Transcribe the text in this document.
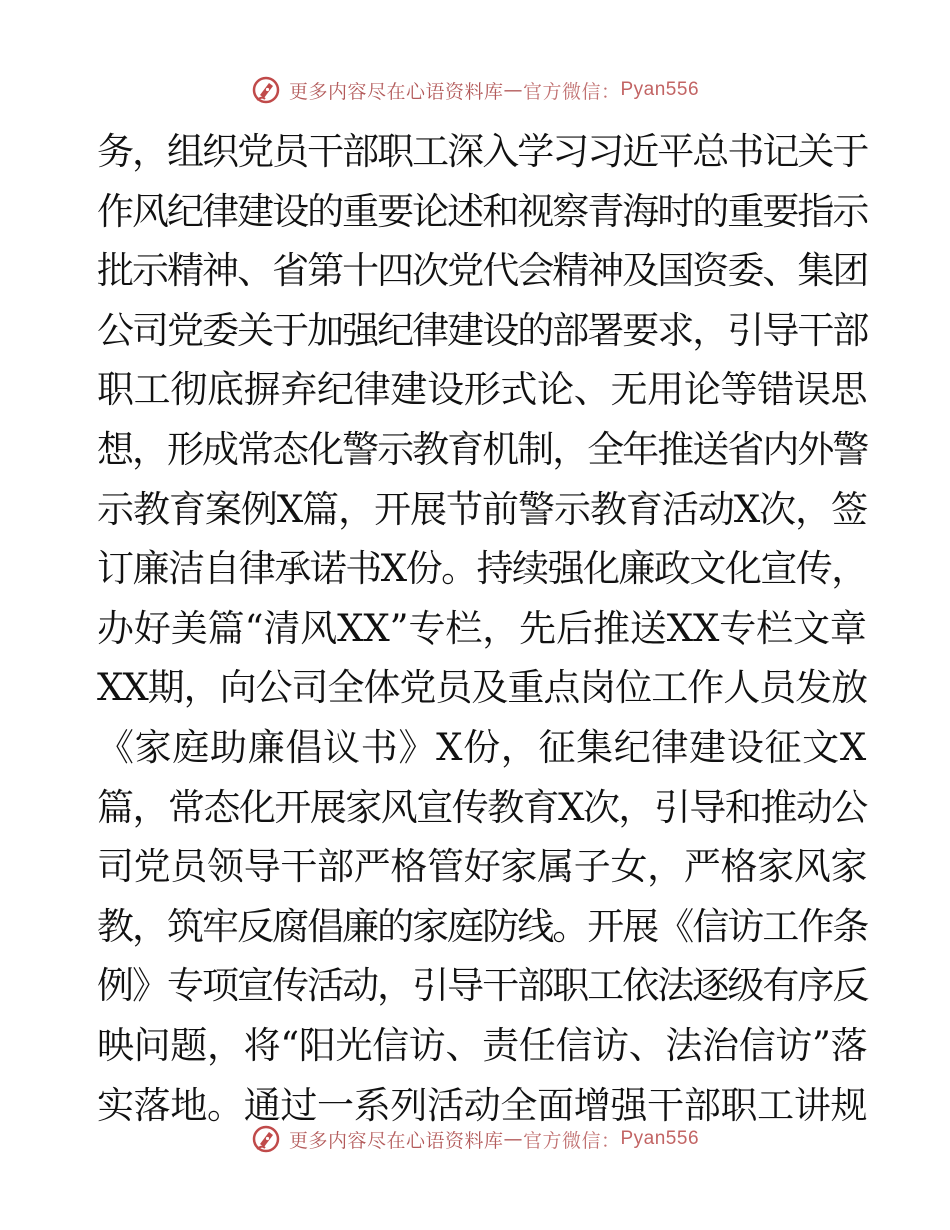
更多内容尽在心语资料库 — 官方微信： Pyan556
务，组织党员干部职工深入学习习近平总书记关于
作风纪律建设的重要论述和视察青海时的重要指示
批示精神、省第十四次党代会精神及国资委、集团
公司党委关于加强纪律建设的部署要求，引导干部
职工彻底摒弃纪律建设形式论、无用论等错误思
想，形成常态化警示教育机制，全年推送省内外警
示教育案例X篇，开展节前警示教育活动X次，签
订廉洁自律承诺书X份。持续强化廉政文化宣传，
办好美篇“清风XX”专栏，先后推送XX专栏文章
XX期，向公司全体党员及重点岗位工作人员发放
《家庭助廉倡议书》X份，征集纪律建设征文X
篇，常态化开展家风宣传教育X次，引导和推动公
司党员领导干部严格管好家属子女，严格家风家
教，筑牢反腐倡廉的家庭防线。开展《信访工作条
例》专项宣传活动，引导干部职工依法逐级有序反
映问题，将“阳光信访、责任信访、法治信访”落
实落地。通过一系列活动全面增强干部职工讲规
更多内容尽在心语资料库 — 官方微信： Pyan556
